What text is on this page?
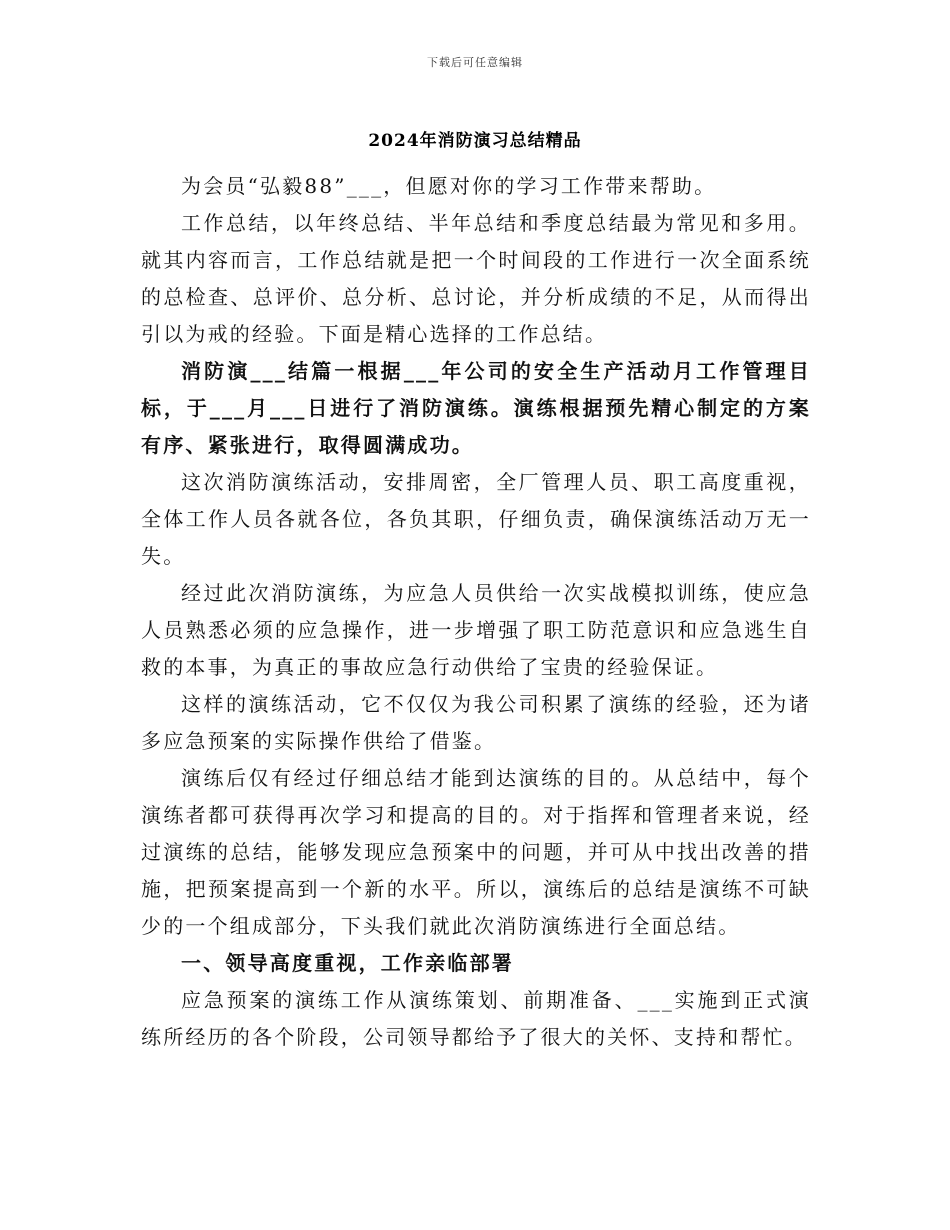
下载后可任意编辑
2024年消防演习总结精品

为会员“弘毅88”___，但愿对你的学习工作带来帮助。

工作总结，以年终总结、半年总结和季度总结最为常见和多用。就其内容而言，工作总结就是把一个时间段的工作进行一次全面系统的总检查、总评价、总分析、总讨论，并分析成绩的不足，从而得出引以为戒的经验。下面是精心选择的工作总结。

消防演___结篇一根据___年公司的安全生产活动月工作管理目标，于___月___日进行了消防演练。演练根据预先精心制定的方案有序、紧张进行，取得圆满成功。

这次消防演练活动，安排周密，全厂管理人员、职工高度重视，全体工作人员各就各位，各负其职，仔细负责，确保演练活动万无一失。

经过此次消防演练，为应急人员供给一次实战模拟训练，使应急人员熟悉必须的应急操作，进一步增强了职工防范意识和应急逃生自救的本事，为真正的事故应急行动供给了宝贵的经验保证。

这样的演练活动，它不仅仅为我公司积累了演练的经验，还为诸多应急预案的实际操作供给了借鉴。

演练后仅有经过仔细总结才能到达演练的目的。从总结中，每个演练者都可获得再次学习和提高的目的。对于指挥和管理者来说，经过演练的总结，能够发现应急预案中的问题，并可从中找出改善的措施，把预案提高到一个新的水平。所以，演练后的总结是演练不可缺少的一个组成部分，下头我们就此次消防演练进行全面总结。

一、领导高度重视，工作亲临部署

应急预案的演练工作从演练策划、前期准备、___实施到正式演练所经历的各个阶段，公司领导都给予了很大的关怀、支持和帮忙。
